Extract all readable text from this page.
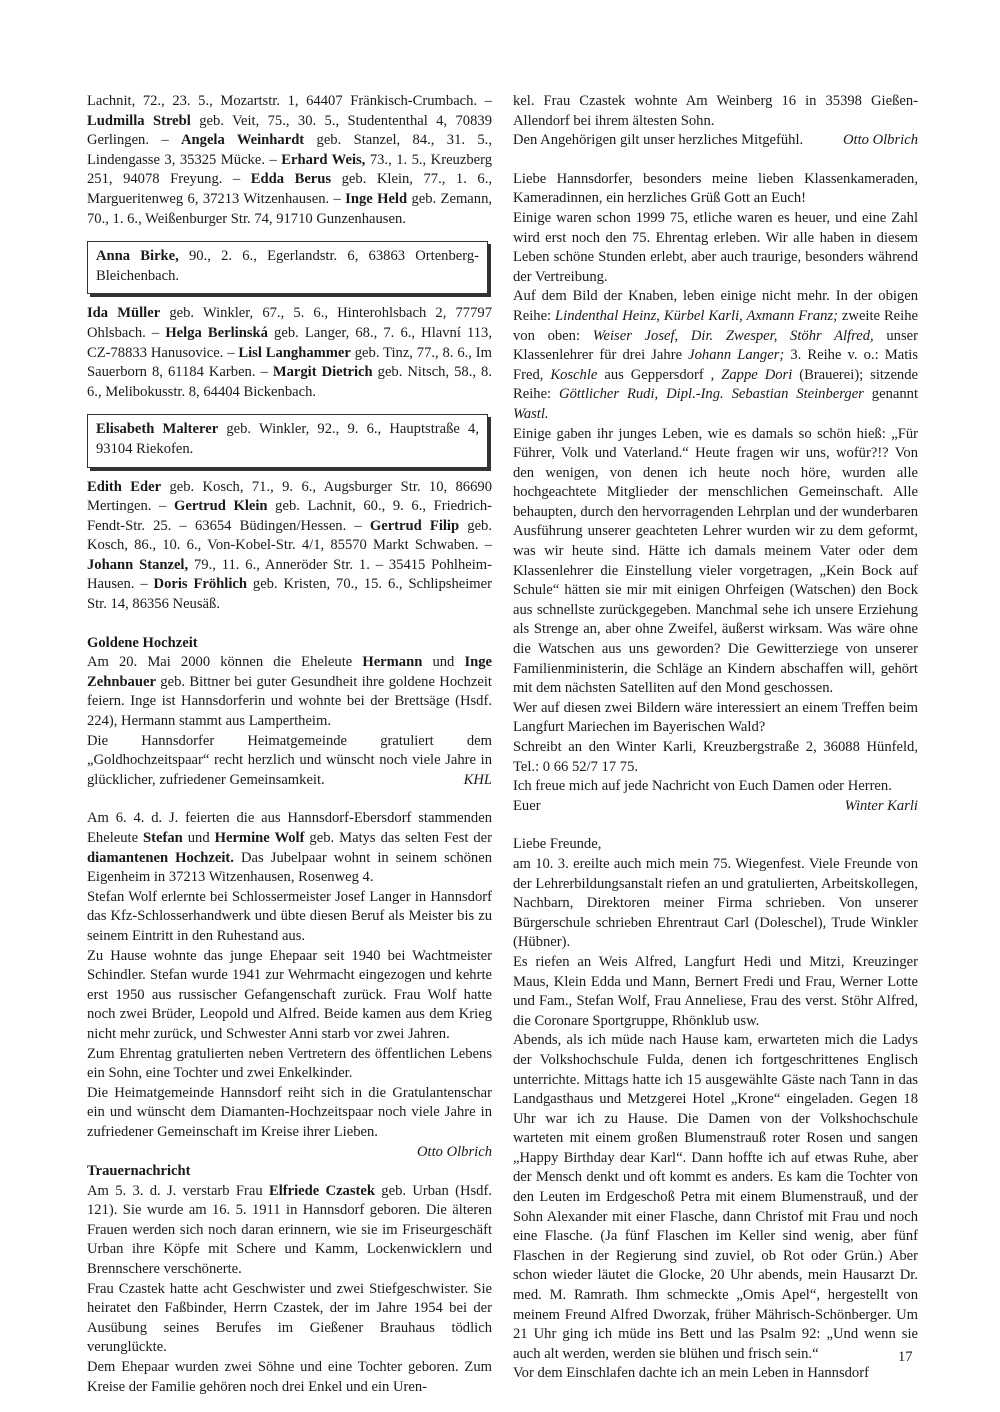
Lachnit, 72., 23. 5., Mozartstr. 1, 64407 Fränkisch-Crumbach. – Ludmilla Strebl geb. Veit, 75., 30. 5., Studententhal 4, 70839 Gerlingen. – Angela Weinhardt geb. Stanzel, 84., 31. 5., Lindengasse 3, 35325 Mücke. – Erhard Weis, 73., 1. 5., Kreuzberg 251, 94078 Freyung. – Edda Berus geb. Klein, 77., 1. 6., Margueritenweg 6, 37213 Witzenhausen. – Inge Held geb. Zemann, 70., 1. 6., Weißenburger Str. 74, 91710 Gunzenhausen.

Anna Birke, 90., 2. 6., Egerlandstr. 6, 63863 Ortenberg-Bleichenbach.

Ida Müller geb. Winkler, 67., 5. 6., Hinterohlsbach 2, 77797 Ohlsbach. – Helga Berlinská geb. Langer, 68., 7. 6., Hlavní 113, CZ-78833 Hanusovice. – Lisl Langhammer geb. Tinz, 77., 8. 6., Im Sauerborn 8, 61184 Karben. – Margit Dietrich geb. Nitsch, 58., 8. 6., Melibokusstr. 8, 64404 Bickenbach.

Elisabeth Malterer geb. Winkler, 92., 9. 6., Hauptstraße 4, 93104 Riekofen.

Edith Eder geb. Kosch, 71., 9. 6., Augsburger Str. 10, 86690 Mertingen. – Gertrud Klein geb. Lachnit, 60., 9. 6., Friedrich-Fendt-Str. 25. – 63654 Büdingen/Hessen. – Gertrud Filip geb. Kosch, 86., 10. 6., Von-Kobel-Str. 4/1, 85570 Markt Schwaben. – Johann Stanzel, 79., 11. 6., Anneröder Str. 1. – 35415 Pohlheim-Hausen. – Doris Fröhlich geb. Kristen, 70., 15. 6., Schlipsheimer Str. 14, 86356 Neusäß.

Goldene Hochzeit

Am 20. Mai 2000 können die Eheleute Hermann und Inge Zehnbauer geb. Bittner bei guter Gesundheit ihre goldene Hochzeit feiern. Inge ist Hannsdorferin und wohnte bei der Brettsäge (Hsdf. 224), Hermann stammt aus Lampertheim.

Die Hannsdorfer Heimatgemeinde gratuliert dem „Goldhochzeitspaar“ recht herzlich und wünscht noch viele Jahre in glücklicher, zufriedener Gemeinsamkeit.	KHL

Am 6. 4. d. J. feierten die aus Hannsdorf-Ebersdorf stammenden Eheleute Stefan und Hermine Wolf geb. Matys das selten Fest der diamantenen Hochzeit. Das Jubelpaar wohnt in seinem schönen Eigenheim in 37213 Witzenhausen, Rosenweg 4.

Stefan Wolf erlernte bei Schlossermeister Josef Langer in Hannsdorf das Kfz-Schlosserhandwerk und übte diesen Beruf als Meister bis zu seinem Eintritt in den Ruhestand aus.

Zu Hause wohnte das junge Ehepaar seit 1940 bei Wachtmeister Schindler. Stefan wurde 1941 zur Wehrmacht eingezogen und kehrte erst 1950 aus russischer Gefangenschaft zurück. Frau Wolf hatte noch zwei Brüder, Leopold und Alfred. Beide kamen aus dem Krieg nicht mehr zurück, und Schwester Anni starb vor zwei Jahren.

Zum Ehrentag gratulierten neben Vertretern des öffentlichen Lebens ein Sohn, eine Tochter und zwei Enkelkinder.

Die Heimatgemeinde Hannsdorf reiht sich in die Gratulantenschar ein und wünscht dem Diamanten-Hochzeitspaar noch viele Jahre in zufriedener Gemeinschaft im Kreise ihrer Lieben.

Otto Olbrich

Trauernachricht

Am 5. 3. d. J. verstarb Frau Elfriede Czastek geb. Urban (Hsdf. 121). Sie wurde am 16. 5. 1911 in Hannsdorf geboren. Die älteren Frauen werden sich noch daran erinnern, wie sie im Friseurgeschäft Urban ihre Köpfe mit Schere und Kamm, Lockenwicklern und Brennschere verschönerte.

Frau Czastek hatte acht Geschwister und zwei Stiefgeschwister. Sie heiratet den Faßbinder, Herrn Czastek, der im Jahre 1954 bei der Ausübung seines Berufes im Gießener Brauhaus tödlich verunglückte.

Dem Ehepaar wurden zwei Söhne und eine Tochter geboren. Zum Kreise der Familie gehören noch drei Enkel und ein Uren-

kel. Frau Czastek wohnte Am Weinberg 16 in 35398 Gießen-Allendorf bei ihrem ältesten Sohn.

Den Angehörigen gilt unser herzliches Mitgefühl.	Otto Olbrich

Liebe Hannsdorfer, besonders meine lieben Klassenkameraden, Kameradinnen, ein herzliches Grüß Gott an Euch!

Einige waren schon 1999 75, etliche waren es heuer, und eine Zahl wird erst noch den 75. Ehrentag erleben. Wir alle haben in diesem Leben schöne Stunden erlebt, aber auch traurige, besonders während der Vertreibung.

Auf dem Bild der Knaben, leben einige nicht mehr. In der obigen Reihe: Lindenthal Heinz, Kürbel Karli, Axmann Franz; zweite Reihe von oben: Weiser Josef, Dir. Zwesper, Stöhr Alfred, unser Klassenlehrer für drei Jahre Johann Langer; 3. Reihe v. o.: Matis Fred, Koschle aus Geppersdorf , Zappe Dori (Brauerei); sitzende Reihe: Göttlicher Rudi, Dipl.-Ing. Sebastian Steinberger genannt Wastl.

Einige gaben ihr junges Leben, wie es damals so schön hieß: „Für Führer, Volk und Vaterland.“ Heute fragen wir uns, wofür?!? Von den wenigen, von denen ich heute noch höre, wurden alle hochgeachtete Mitglieder der menschlichen Gemeinschaft. Alle behaupten, durch den hervorragenden Lehrplan und der wunderbaren Ausführung unserer geachteten Lehrer wurden wir zu dem geformt, was wir heute sind. Hätte ich damals meinem Vater oder dem Klassenlehrer die Einstellung vieler vorgetragen, „Kein Bock auf Schule“ hätten sie mir mit einigen Ohrfeigen (Watschen) den Bock aus schnellste zurückgegeben. Manchmal sehe ich unsere Erziehung als Strenge an, aber ohne Zweifel, äußerst wirksam. Was wäre ohne die Watschen aus uns geworden? Die Gewitterziege von unserer Familienministerin, die Schläge an Kindern abschaffen will, gehört mit dem nächsten Satelliten auf den Mond geschossen.

Wer auf diesen zwei Bildern wäre interessiert an einem Treffen beim Langfurt Mariechen im Bayerischen Wald?

Schreibt an den Winter Karli, Kreuzbergstraße 2, 36088 Hünfeld, Tel.: 0 66 52/7 17 75.

Ich freue mich auf jede Nachricht von Euch Damen oder Herren.

Euer	Winter Karli

Liebe Freunde,

am 10. 3. ereilte auch mich mein 75. Wiegenfest. Viele Freunde von der Lehrerbildungsanstalt riefen an und gratulierten, Arbeitskollegen, Nachbarn, Direktoren meiner Firma schrieben. Von unserer Bürgerschule schrieben Ehrentraut Carl (Doleschel), Trude Winkler (Hübner).

Es riefen an Weis Alfred, Langfurt Hedi und Mitzi, Kreuzinger Maus, Klein Edda und Mann, Bernert Fredi und Frau, Werner Lotte und Fam., Stefan Wolf, Frau Anneliese, Frau des verst. Stöhr Alfred, die Coronare Sportgruppe, Rhönklub usw.

Abends, als ich müde nach Hause kam, erwarteten mich die Ladys der Volkshochschule Fulda, denen ich fortgeschrittenes Englisch unterrichte. Mittags hatte ich 15 ausgewählte Gäste nach Tann in das Landgasthaus und Metzgerei Hotel „Krone“ eingeladen. Gegen 18 Uhr war ich zu Hause. Die Damen von der Volkshochschule warteten mit einem großen Blumenstrauß roter Rosen und sangen „Happy Birthday dear Karl“. Dann hoffte ich auf etwas Ruhe, aber der Mensch denkt und oft kommt es anders. Es kam die Tochter von den Leuten im Erdgeschoß Petra mit einem Blumenstrauß, und der Sohn Alexander mit einer Flasche, dann Christof mit Frau und noch eine Flasche. (Ja fünf Flaschen im Keller sind wenig, aber fünf Flaschen in der Regierung sind zuviel, ob Rot oder Grün.) Aber schon wieder läutet die Glocke, 20 Uhr abends, mein Hausarzt Dr. med. M. Ramrath. Ihm schmeckte „Omis Apel“, hergestellt von meinem Freund Alfred Dworzak, früher Mährisch-Schönberger. Um 21 Uhr ging ich müde ins Bett und las Psalm 92: „Und wenn sie auch alt werden, werden sie blühen und frisch sein.“

Vor dem Einschlafen dachte ich an mein Leben in Hannsdorf

17
